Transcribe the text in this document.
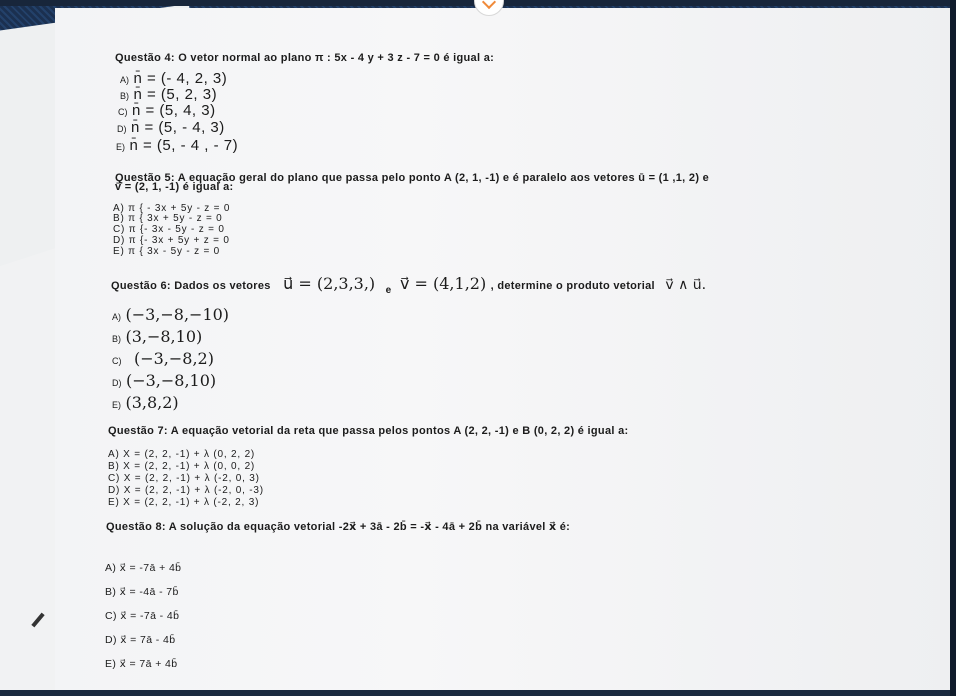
Questão 4: O vetor normal ao plano π : 5x - 4 y + 3 z - 7 = 0 é igual a:
A) n̄ = (- 4, 2, 3)
B) n̄ = (5, 2, 3)
C) n̄ = (5, 4, 3)
D) n̄ = (5, - 4, 3)
E) n̄ = (5, - 4 , - 7)
Questão 5: A equação geral do plano que passa pelo ponto A (2, 1, -1) e é paralelo aos vetores ū = (1 ,1, 2) e
v̄ = (2, 1, -1) é igual a:
A) π { - 3x + 5y - z = 0
B) π { 3x + 5y - z = 0
C) π {- 3x - 5y - z = 0
D) π {- 3x + 5y + z = 0
E) π { 3x - 5y - z = 0
Questão 6: Dados os vetores u⃗ = (2,3,3,) $_e$ v⃗ = (4,1,2) , determine o produto vetorial v⃗ ∧ u⃗.
A) (−3,−8,−10)
B) (3,−8,10)
C) (−3,−8,2)
D) (−3,−8,10)
E) (3,8,2)
Questão 7: A equação vetorial da reta que passa pelos pontos A (2, 2, -1) e B (0, 2, 2) é igual a:
A) X = (2, 2, -1) + λ (0, 2, 2)
B) X = (2, 2, -1) + λ (0, 0, 2)
C) X = (2, 2, -1) + λ (-2, 0, 3)
D) X = (2, 2, -1) + λ (-2, 0, -3)
E) X = (2, 2, -1) + λ (-2, 2, 3)
Questão 8: A solução da equação vetorial -2x⃗ + 3ā - 2b̄ = -x⃗ - 4ā + 2b̄ na variável x⃗ é:
A) x⃗ = -7ā + 4b̄
B) x⃗ = -4ā - 7b̄
C) x⃗ = -7ā - 4b̄
D) x⃗ = 7ā - 4b̄
E) x⃗ = 7ā + 4b̄
